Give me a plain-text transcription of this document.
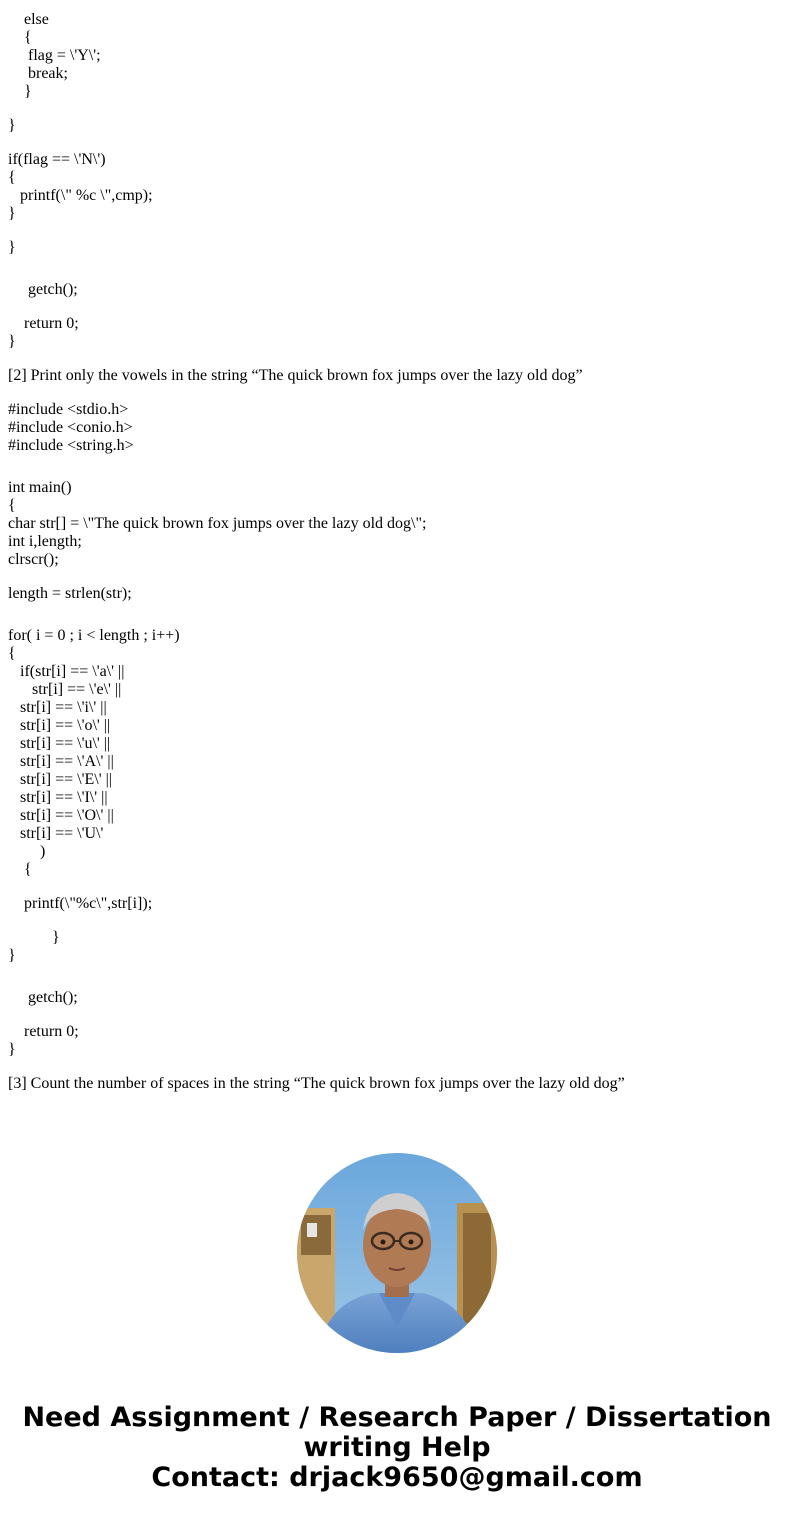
else
{
flag = \'Y\';
break;
}
}
if(flag == \'N\')
{
printf(\" %c \",cmp);
}
}
getch();
return 0;
}
[2] Print only the vowels in the string “The quick brown fox jumps over the lazy old dog”
#include <stdio.h>
#include <conio.h>
#include <string.h>
int main()
{
char str[] = \"The quick brown fox jumps over the lazy old dog\";
int i,length;
clrscr();
length = strlen(str);
for( i = 0 ; i < length ; i++)
{
if(str[i] == \'a\' ||
str[i] == \'e\' ||
str[i] == \'i\' ||
str[i] == \'o\' ||
str[i] == \'u\' ||
str[i] == \'A\' ||
str[i] == \'E\' ||
str[i] == \'I\' ||
str[i] == \'O\' ||
str[i] == \'U\'
)
{
printf(\"%c\",str[i]);
}
}
getch();
return 0;
}
[3] Count the number of spaces in the string “The quick brown fox jumps over the lazy old dog”
Need Assignment / Research Paper / Dissertation
writing Help
Contact: drjack9650@gmail.com
